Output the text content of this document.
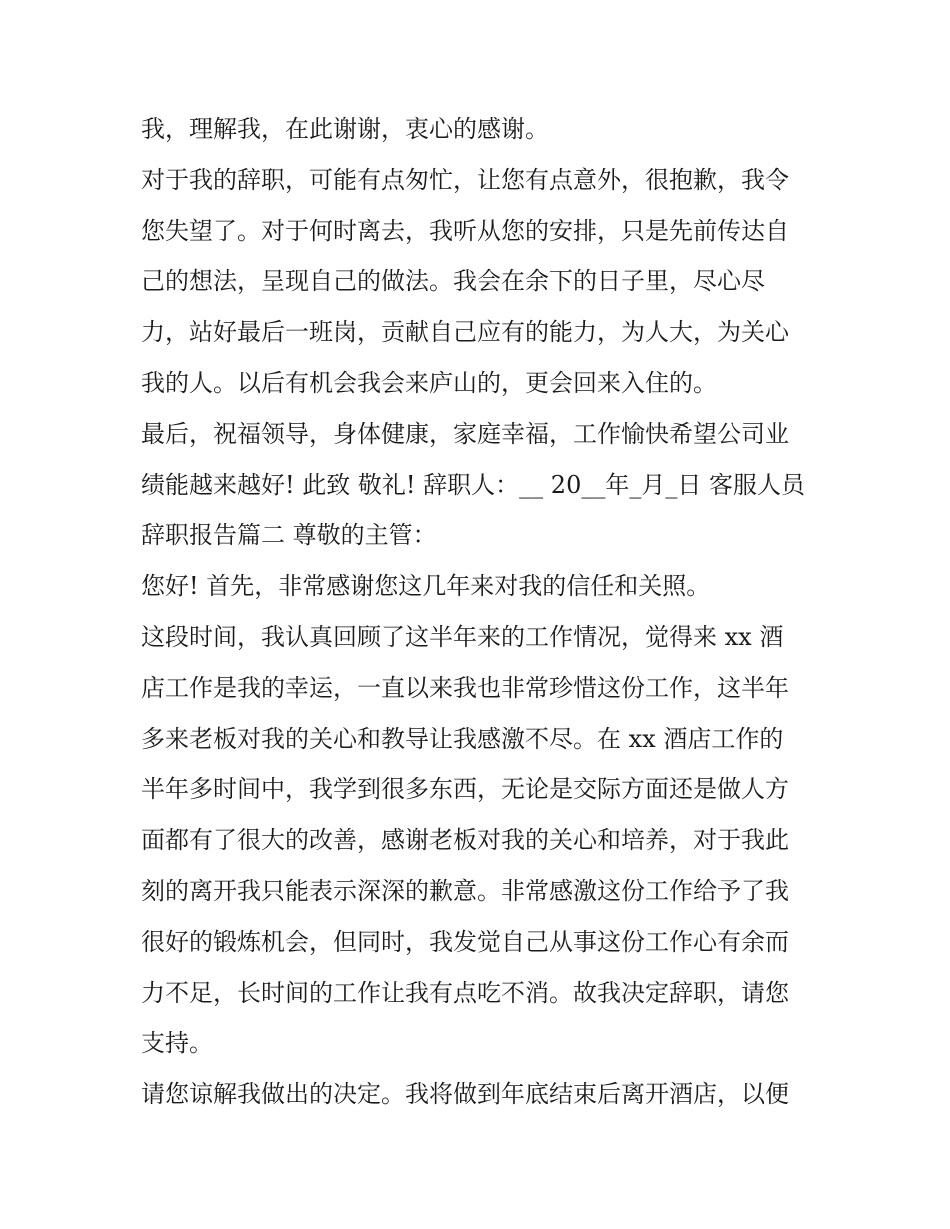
我，理解我，在此谢谢，衷心的感谢。
对于我的辞职，可能有点匆忙，让您有点意外，很抱歉，我令
您失望了。对于何时离去，我听从您的安排，只是先前传达自
己的想法，呈现自己的做法。我会在余下的日子里，尽心尽
力，站好最后一班岗，贡献自己应有的能力，为人大，为关心
我的人。以后有机会我会来庐山的，更会回来入住的。
最后，祝福领导，身体健康，家庭幸福，工作愉快希望公司业
绩能越来越好! 此致 敬礼! 辞职人：__ 20__年_月_日 客服人员
辞职报告篇二 尊敬的主管：
您好! 首先，非常感谢您这几年来对我的信任和关照。
这段时间，我认真回顾了这半年来的工作情况，觉得来 xx 酒
店工作是我的幸运，一直以来我也非常珍惜这份工作，这半年
多来老板对我的关心和教导让我感激不尽。在 xx 酒店工作的
半年多时间中，我学到很多东西，无论是交际方面还是做人方
面都有了很大的改善，感谢老板对我的关心和培养，对于我此
刻的离开我只能表示深深的歉意。非常感激这份工作给予了我
很好的锻炼机会，但同时，我发觉自己从事这份工作心有余而
力不足，长时间的工作让我有点吃不消。故我决定辞职，请您
支持。
请您谅解我做出的决定。我将做到年底结束后离开酒店，以便
